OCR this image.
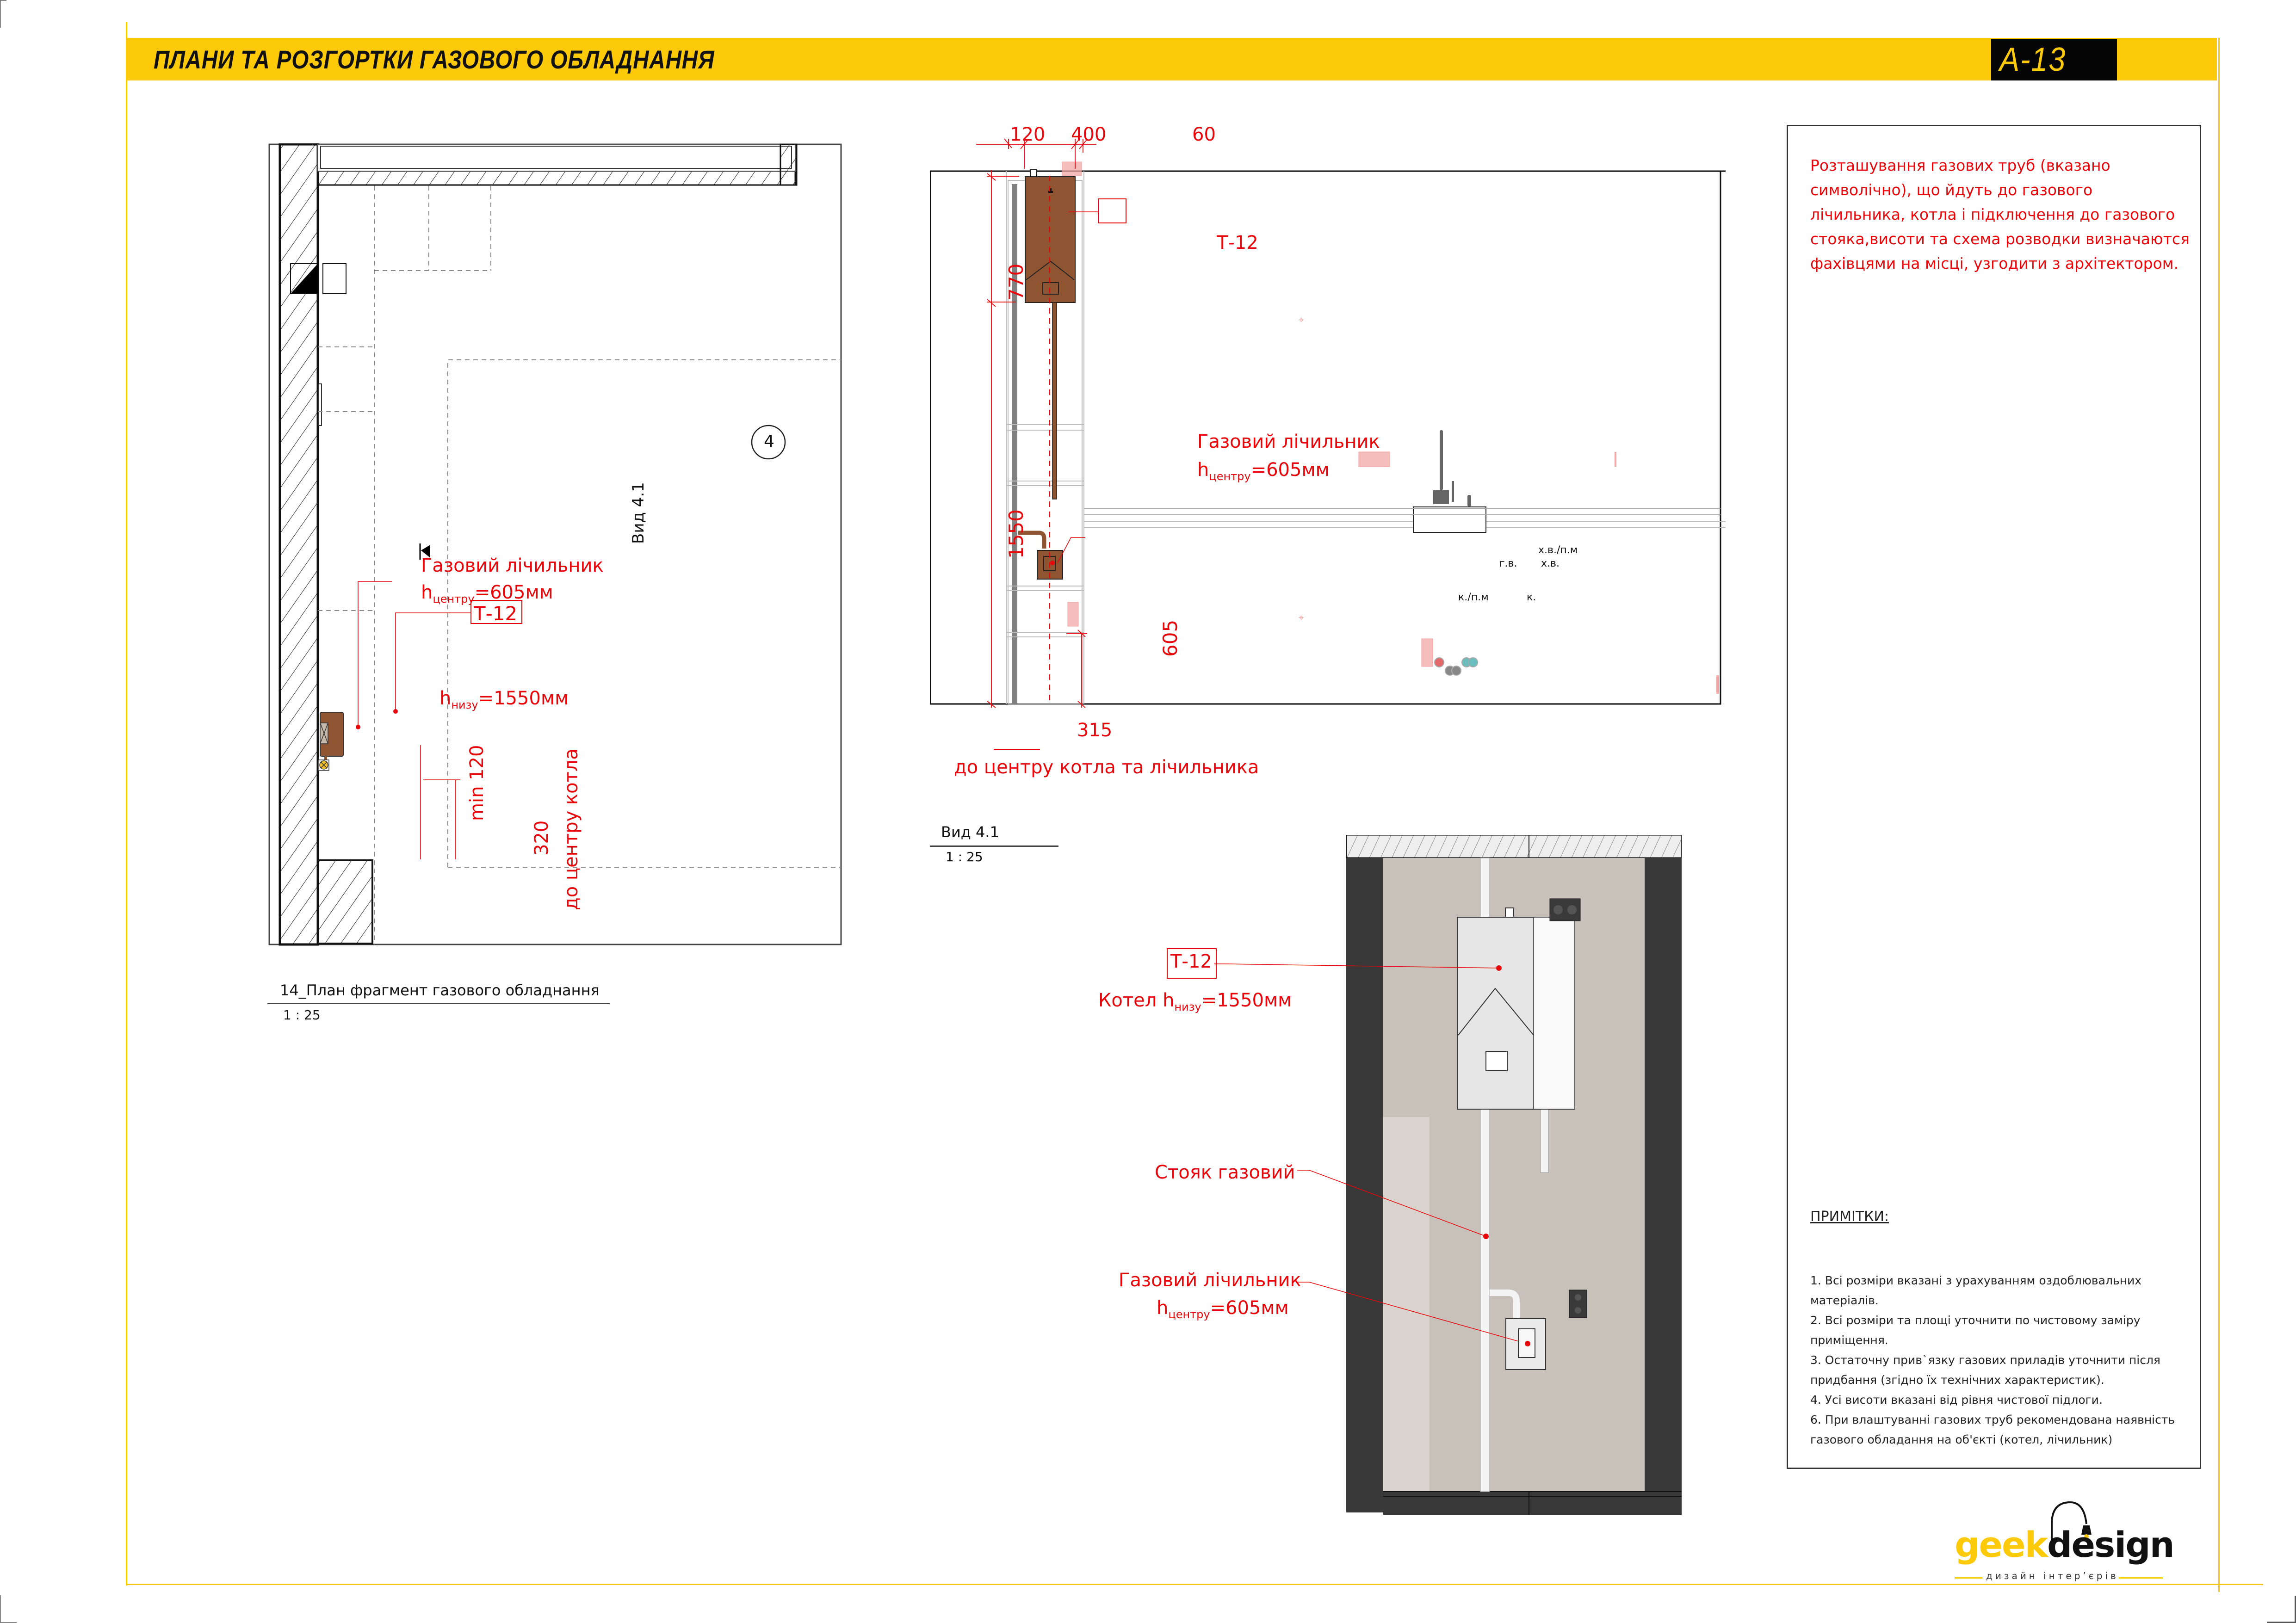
ПЛАНИ ТА РОЗГОРТКИ ГАЗОВОГО ОБЛАДНАННЯ	А-13
4
Вид 4.1
Газовий лічильник
$h_{центру}=605мм$
Т-12
$h_{низу}=1550мм$
min 120
320 до центру котла
14_План фрагмент газового обладнання
1 : 25
⌖
⌖
120 400	60
770
1550
605
Т-12
Газовий лічильник
$h_{центру}=605мм$
х.в./п.м
г.в. х.в.
к./п.м	к.
315
до центру котла та лічильника
Вид 4.1
1 : 25
Т-12
Котел $h_{низу}=1550мм$
Стояк газовий
Газовий лічильник
$h_{центру}=605мм$
Розташування газових труб (вказано символічно), що йдуть до газового лічильника, котла і підключення до газового стояка,висоти та схема розводки визначаются фахівцями на місці, узгодити з архітектором.
ПРИМІТКИ:
1. Всі розміри вказані з урахуванням оздоблювальних матеріалів.
2. Всі розміри та площі уточнити по чистовому заміру приміщення.
3. Остаточну прив`язку газових приладів уточнити після придбання (згідно їх технічних характеристик).
4. Усі висоти вказані від рівня чистової підлоги.
6. При влаштуванні газових труб рекомендована наявність газового обладання на об'єкті (котел, лічильник)
geekdesign
дизайн інтер’єрів
